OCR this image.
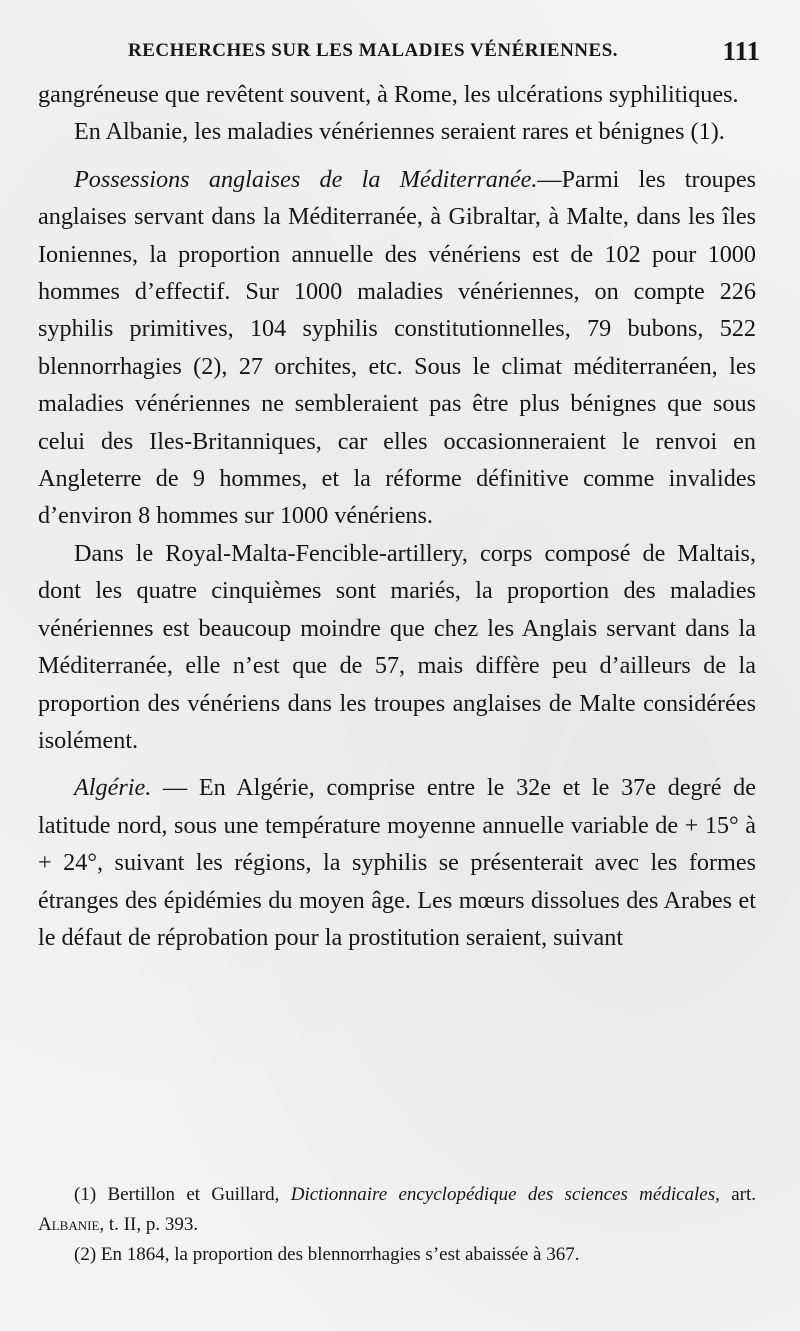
RECHERCHES SUR LES MALADIES VÉNÉRIENNES.	111

gangréneuse que revêtent souvent, à Rome, les ulcérations syphilitiques.

En Albanie, les maladies vénériennes seraient rares et bénignes (1).

Possessions anglaises de la Méditerranée.—Parmi les troupes anglaises servant dans la Méditerranée, à Gibraltar, à Malte, dans les îles Ioniennes, la proportion annuelle des vénériens est de 102 pour 1000 hommes d’effectif. Sur 1000 maladies vénériennes, on compte 226 syphilis primitives, 104 syphilis constitutionnelles, 79 bubons, 522 blennorrhagies (2), 27 orchites, etc. Sous le climat méditerranéen, les maladies vénériennes ne sembleraient pas être plus bénignes que sous celui des Iles-Britanniques, car elles occasionneraient le renvoi en Angleterre de 9 hommes, et la réforme définitive comme invalides d’environ 8 hommes sur 1000 vénériens.

Dans le Royal-Malta-Fencible-artillery, corps composé de Maltais, dont les quatre cinquièmes sont mariés, la proportion des maladies vénériennes est beaucoup moindre que chez les Anglais servant dans la Méditerranée, elle n’est que de 57, mais diffère peu d’ailleurs de la proportion des vénériens dans les troupes anglaises de Malte considérées isolément.

Algérie. — En Algérie, comprise entre le 32e et le 37e degré de latitude nord, sous une température moyenne annuelle variable de + 15° à + 24°, suivant les régions, la syphilis se présenterait avec les formes étranges des épidémies du moyen âge. Les mœurs dissolues des Arabes et le défaut de réprobation pour la prostitution seraient, suivant

(1) Bertillon et Guillard, Dictionnaire encyclopédique des sciences médicales, art. Albanie, t. II, p. 393.

(2) En 1864, la proportion des blennorrhagies s’est abaissée à 367.
